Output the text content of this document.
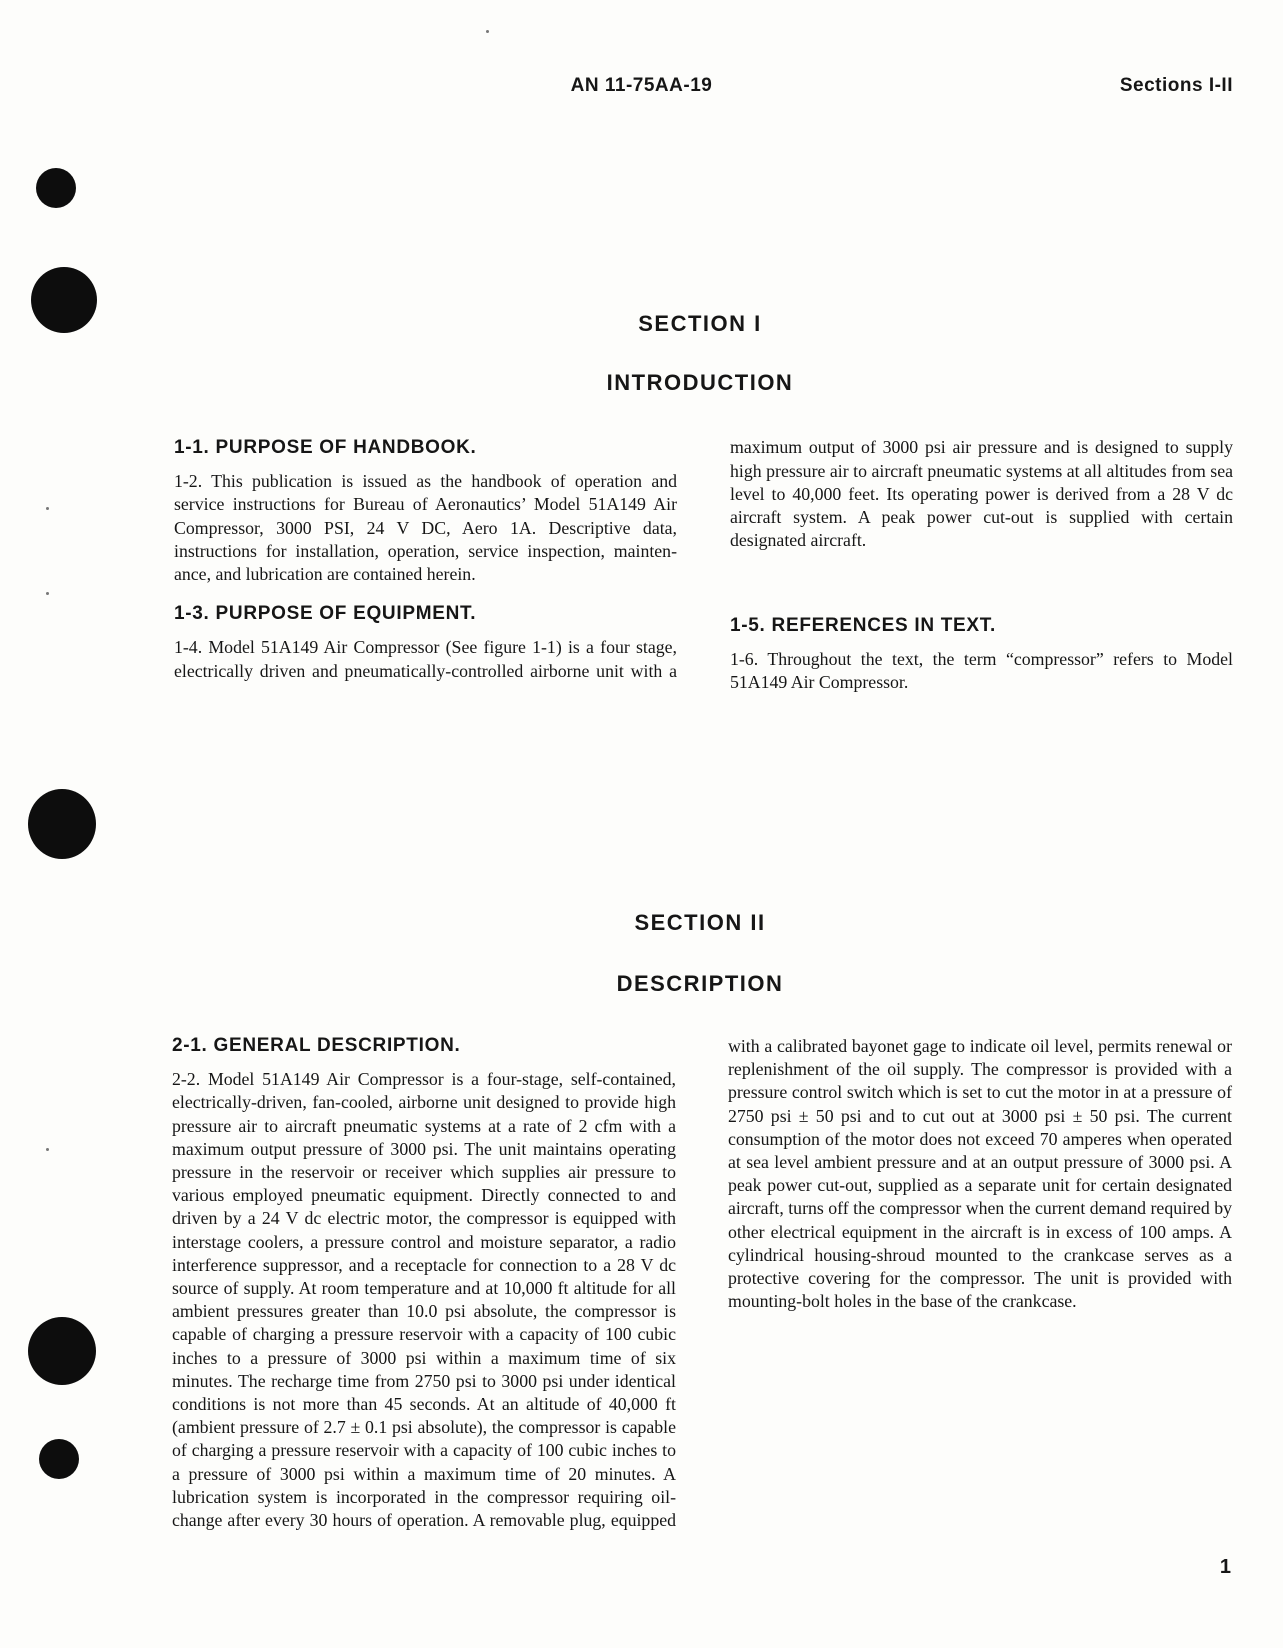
AN 11-75AA-19	Sections I-II
SECTION I
INTRODUCTION
1-1. PURPOSE OF HANDBOOK.

1-2. This publication is issued as the handbook of operation and service instructions for Bureau of Aeronautics’ Model 51A149 Air Compressor, 3000 PSI, 24 V DC, Aero 1A. Descriptive data, instructions for installation, operation, service inspection, maintenance, and lubrication are contained herein.

1-3. PURPOSE OF EQUIPMENT.

1-4. Model 51A149 Air Compressor (See figure 1-1) is a four stage, electrically driven and pneumatically-controlled airborne unit with a

maximum output of 3000 psi air pressure and is designed to supply high pressure air to aircraft pneumatic systems at all altitudes from sea level to 40,000 feet. Its operating power is derived from a 28 V dc aircraft system. A peak power cut-out is supplied with certain designated aircraft.

1-5. REFERENCES IN TEXT.

1-6. Throughout the text, the term “compressor” refers to Model 51A149 Air Compressor.

SECTION II
DESCRIPTION
2-1. GENERAL DESCRIPTION.

2-2. Model 51A149 Air Compressor is a four-stage, self-contained, electrically-driven, fan-cooled, airborne unit designed to provide high pressure air to aircraft pneumatic systems at a rate of 2 cfm with a maximum output pressure of 3000 psi. The unit maintains operating pressure in the reservoir or receiver which supplies air pressure to various employed pneumatic equipment. Directly connected to and driven by a 24 V dc electric motor, the compressor is equipped with interstage coolers, a pressure control and moisture separator, a radio interference suppressor, and a receptacle for connection to a 28 V dc source of supply. At room temperature and at 10,000 ft altitude for all ambient pressures greater than 10.0 psi absolute, the compressor is capable of charging a pressure reservoir with a capacity of 100 cubic inches to a pressure of 3000 psi within a maximum time of six minutes. The recharge time from 2750 psi to 3000 psi under identical conditions is not more than 45 seconds. At an altitude of 40,000 ft (ambient pressure of 2.7 ± 0.1 psi absolute), the compressor is capable of charging a pressure reservoir with a capacity of 100 cubic inches to a pressure of 3000 psi within a maximum time of 20 minutes. A lubrication system is incorporated in the compressor requiring oil-change after every 30 hours of operation. A removable plug, equipped

with a calibrated bayonet gage to indicate oil level, permits renewal or replenishment of the oil supply. The compressor is provided with a pressure control switch which is set to cut the motor in at a pressure of 2750 psi ± 50 psi and to cut out at 3000 psi ± 50 psi. The current consumption of the motor does not exceed 70 amperes when operated at sea level ambient pressure and at an output pressure of 3000 psi. A peak power cut-out, supplied as a separate unit for certain designated aircraft, turns off the compressor when the current demand required by other electrical equipment in the aircraft is in excess of 100 amps. A cylindrical housing-shroud mounted to the crankcase serves as a protective covering for the compressor. The unit is provided with mounting-bolt holes in the base of the crankcase.

1
